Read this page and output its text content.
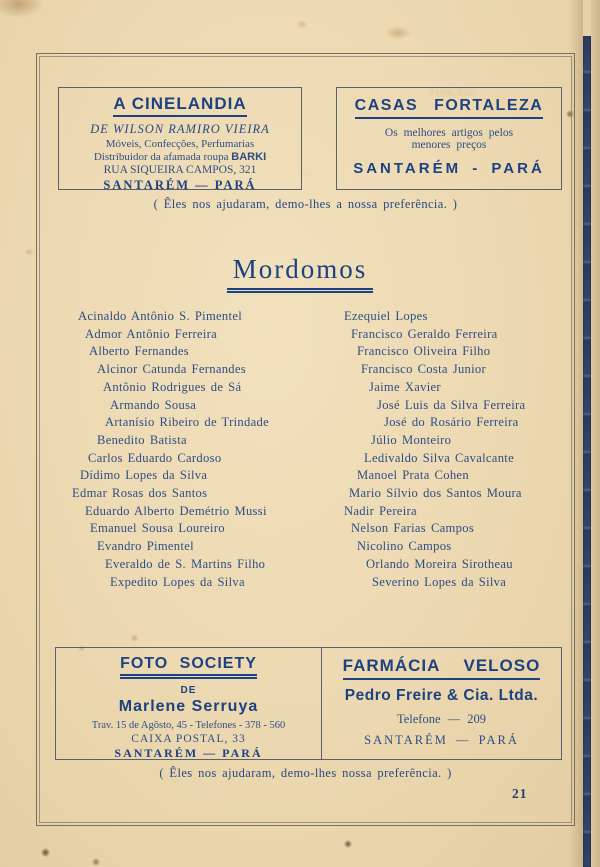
rancisc
......
A CINELANDIA
DE WILSON RAMIRO VIEIRA
Móveis, Confecções, Perfumarias
Distribuidor da afamada roupa BARKI
RUA SIQUEIRA CAMPOS, 321
SANTARÉM — PARÁ
CASAS FORTALEZA
Os melhores artigos pelos
menores preços
SANTARÉM - PARÁ
( Êles nos ajudaram, demo-lhes a nossa preferência. )
Mordomos
Acinaldo Antônio S. Pimentel
Admor Antônio Ferreira
Alberto Fernandes
Alcinor Catunda Fernandes
Antônio Rodrigues de Sá
Armando Sousa
Artanísio Ribeiro de Trindade
Benedito Batista
Carlos Eduardo Cardoso
Dídimo Lopes da Silva
Edmar Rosas dos Santos
Eduardo Alberto Demétrio Mussi
Emanuel Sousa Loureiro
Evandro Pimentel
Everaldo de S. Martins Filho
Expedito Lopes da Silva
Ezequiel Lopes
Francisco Geraldo Ferreira
Francisco Oliveira Filho
Francisco Costa Junior
Jaime Xavier
José Luis da Silva Ferreira
José do Rosário Ferreira
Júlio Monteiro
Ledivaldo Silva Cavalcante
Manoel Prata Cohen
Mario Sílvio dos Santos Moura
Nadir Pereira
Nelson Farias Campos
Nicolino Campos
Orlando Moreira Sirotheau
Severino Lopes da Silva
FOTO SOCIETY
DE
Marlene Serruya
Trav. 15 de Agôsto, 45 - Telefones - 378 - 560
CAIXA POSTAL, 33
SANTARÉM — PARÁ
FARMÁCIA VELOSO
Pedro Freire & Cia. Ltda.
Telefone — 209
SANTARÉM — PARÁ
( Êles nos ajudaram, demo-lhes nossa preferência. )
21
